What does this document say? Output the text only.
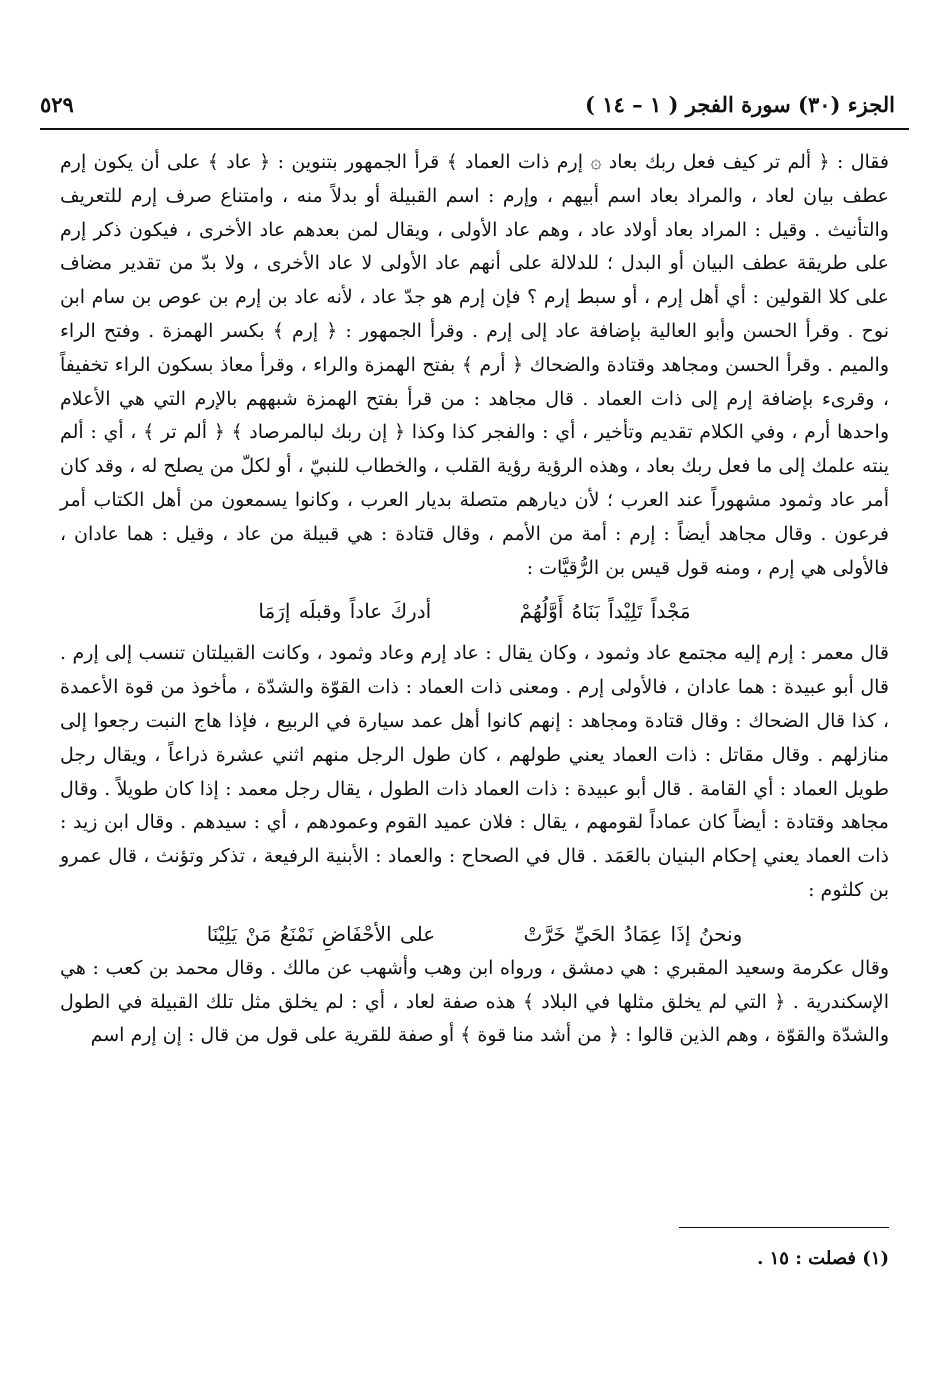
الجزء (٣٠) سورة الفجر ( ١ – ١٤ )
٥٢٩

فقال : ﴿ ألم تر كيف فعل ربك بعاد ۞ إرم ذات العماد ﴾ قرأ الجمهور بتنوين : ﴿ عاد ﴾ على أن يكون إرم عطف بيان لعاد ، والمراد بعاد اسم أبيهم ، وإرم : اسم القبيلة أو بدلاً منه ، وامتناع صرف إرم للتعريف والتأنيث . وقيل : المراد بعاد أولاد عاد ، وهم عاد الأولى ، ويقال لمن بعدهم عاد الأخرى ، فيكون ذكر إرم على طريقة عطف البيان أو البدل ؛ للدلالة على أنهم عاد الأولى لا عاد الأخرى ، ولا بدّ من تقدير مضاف على كلا القولين : أي أهل إرم ، أو سبط إرم ؟ فإن إرم هو جدّ عاد ، لأنه عاد بن إرم بن عوص بن سام ابن نوح . وقرأ الحسن وأبو العالية بإضافة عاد إلى إرم . وقرأ الجمهور : ﴿ إرم ﴾ بكسر الهمزة . وفتح الراء والميم . وقرأ الحسن ومجاهد وقتادة والضحاك ﴿ أرم ﴾ بفتح الهمزة والراء ، وقرأ معاذ بسكون الراء تخفيفاً ، وقرىء بإضافة إرم إلى ذات العماد . قال مجاهد : من قرأ بفتح الهمزة شبههم بالإرم التي هي الأعلام واحدها أرم ، وفي الكلام تقديم وتأخير ، أي : والفجر كذا وكذا ﴿ إن ربك لبالمرصاد ﴾ ﴿ ألم تر ﴾ ، أي : ألم ينته علمك إلى ما فعل ربك بعاد ، وهذه الرؤية رؤية القلب ، والخطاب للنبيّ ، أو لكلّ من يصلح له ، وقد كان أمر عاد وثمود مشهوراً عند العرب ؛ لأن ديارهم متصلة بديار العرب ، وكانوا يسمعون من أهل الكتاب أمر فرعون . وقال مجاهد أيضاً : إرم : أمة من الأمم ، وقال قتادة : هي قبيلة من عاد ، وقيل : هما عادان ، فالأولى هي إرم ، ومنه قول قيس بن الرُّقيَّات :

مَجْداً تَلِيْداً بَنَاهُ أَوَّلُهُمْ أدركَ عاداً وقبلَه إرَمَا

قال معمر : إرم إليه مجتمع عاد وثمود ، وكان يقال : عاد إرم وعاد وثمود ، وكانت القبيلتان تنسب إلى إرم . قال أبو عبيدة : هما عادان ، فالأولى إرم . ومعنى ذات العماد : ذات القوّة والشدّة ، مأخوذ من قوة الأعمدة ، كذا قال الضحاك : وقال قتادة ومجاهد : إنهم كانوا أهل عمد سيارة في الربيع ، فإذا هاج النبت رجعوا إلى منازلهم . وقال مقاتل : ذات العماد يعني طولهم ، كان طول الرجل منهم اثني عشرة ذراعاً ، ويقال رجل طويل العماد : أي القامة . قال أبو عبيدة : ذات العماد ذات الطول ، يقال رجل معمد : إذا كان طويلاً . وقال مجاهد وقتادة : أيضاً كان عماداً لقومهم ، يقال : فلان عميد القوم وعمودهم ، أي : سيدهم . وقال ابن زيد : ذات العماد يعني إحكام البنيان بالعَمَد . قال في الصحاح : والعماد : الأبنية الرفيعة ، تذكر وتؤنث ، قال عمرو بن كلثوم :

ونحنُ إذَا عِمَادُ الحَيِّ خَرَّتْ على الأحْفَاضِ نَمْنَعُ مَنْ يَلِيْنَا

وقال عكرمة وسعيد المقبري : هي دمشق ، ورواه ابن وهب وأشهب عن مالك . وقال محمد بن كعب : هي الإسكندرية . ﴿ التي لم يخلق مثلها في البلاد ﴾ هذه صفة لعاد ، أي : لم يخلق مثل تلك القبيلة في الطول والشدّة والقوّة ، وهم الذين قالوا : ﴿ من أشد منا قوة ﴾ أو صفة للقرية على قول من قال : إن إرم اسم

(١) فصلت : ١٥ .
